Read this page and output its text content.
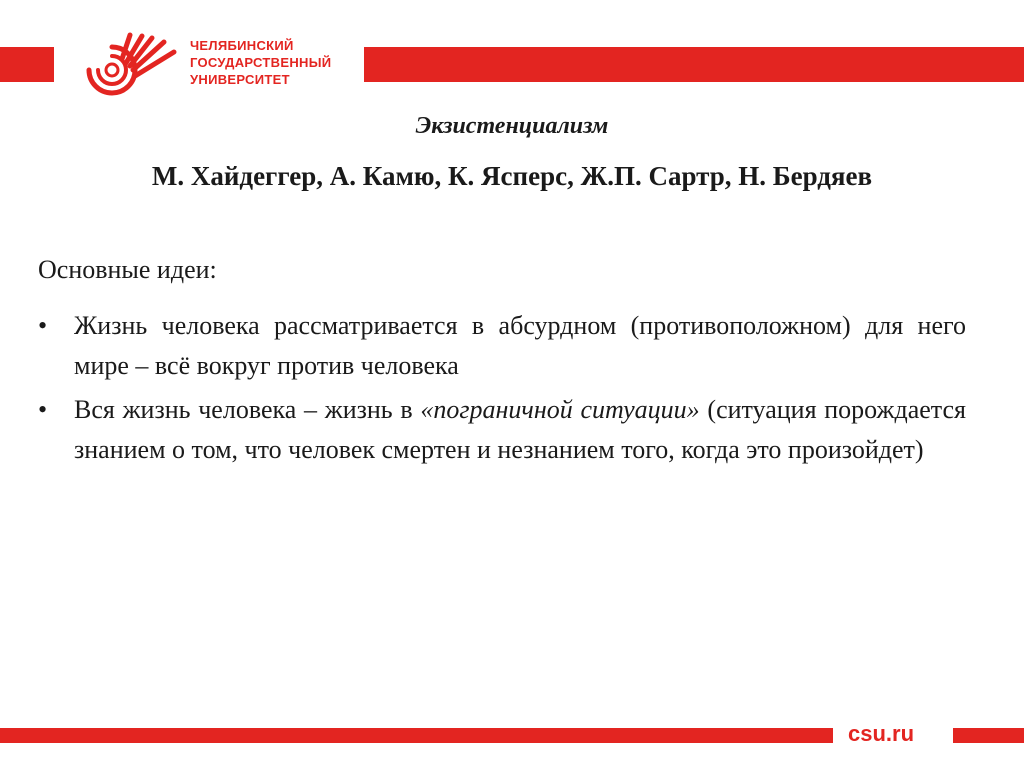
ЧЕЛЯБИНСКИЙ
ГОСУДАРСТВЕННЫЙ
УНИВЕРСИТЕТ
Экзистенциализм
М. Хайдеггер, А. Камю, К. Ясперс, Ж.П. Сартр, Н. Бердяев
Основные идеи:
•	Жизнь человека рассматривается в абсурдном (противоположном) для него мире – всё вокруг против человека
•	Вся жизнь человека – жизнь в «пограничной ситуации» (ситуация порождается знанием о том, что человек смертен и незнанием того, когда это произойдет)
csu.ru
